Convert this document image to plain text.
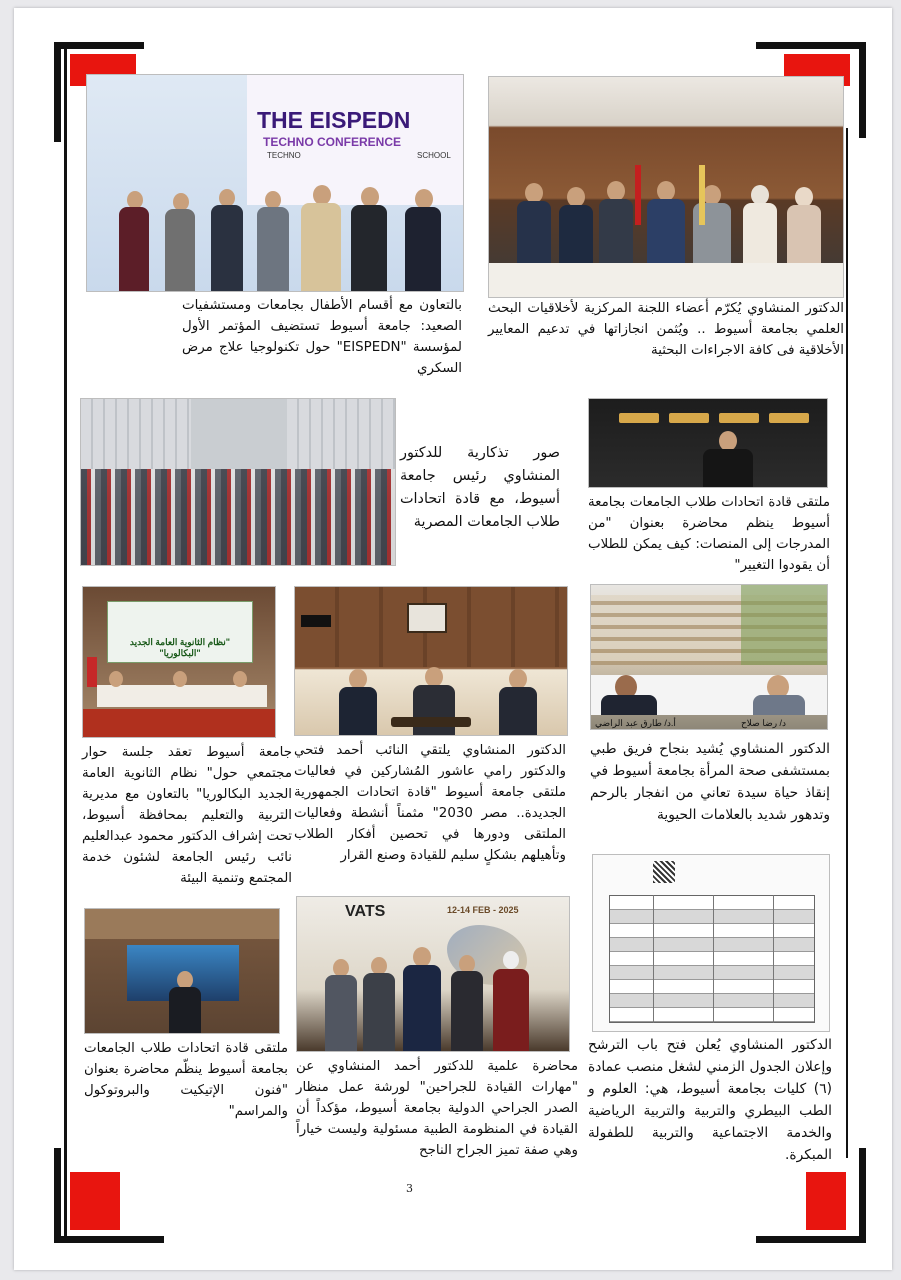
الدكتور المنشاوي يُكرّم أعضاء اللجنة المركزية لأخلاقيات البحث العلمي بجامعة أسيوط .. ويُثمن انجازاتها في تدعيم المعايير الأخلاقية فى كافة الاجراءات البحثية
THE EISPEDN
TECHNO CONFERENCE
TECHNO	SCHOOL
بالتعاون مع أقسام الأطفال بجامعات ومستشفيات الصعيد: جامعة أسيوط تستضيف المؤتمر الأول لمؤسسة "EISPEDN" حول تكنولوجيا علاج مرض السكري
ملتقى قادة اتحادات طلاب الجامعات بجامعة أسيوط ينظم محاضرة بعنوان "من المدرجات إلى المنصات: كيف يمكن للطلاب أن يقودوا التغيير"
صور تذكارية للدكتور المنشاوي رئيس جامعة أسيوط، مع قادة اتحادات طلاب الجامعات المصرية
د/ رضا صلاح
أ.د/ طارق عبد الراضي
الدكتور المنشاوي يُشيد بنجاح فريق طبي بمستشفى صحة المرأة بجامعة أسيوط في إنقاذ حياة سيدة تعاني من انفجار بالرحم وتدهور شديد بالعلامات الحيوية
الدكتور المنشاوي يلتقي النائب أحمد فتحي والدكتور رامي عاشور المُشاركين في فعاليات ملتقى جامعة أسيوط "قادة اتحادات الجمهورية الجديدة.. مصر 2030" مثمناً أنشطة وفعاليات الملتقى ودورها في تحصين أفكار الطلاب وتأهيلهم بشكلٍ سليم للقيادة وصنع القرار
"نظام الثانوية العامة الجديد "البكالوريا"
جامعة أسيوط تعقد جلسة حوار مجتمعي حول" نظام الثانوية العامة الجديد البكالوريا" بالتعاون مع مديرية التربية والتعليم بمحافظة أسيوط، تحت إشراف الدكتور محمود عبدالعليم نائب رئيس الجامعة لشئون خدمة المجتمع وتنمية البيئة
الدكتور المنشاوي يُعلن فتح باب الترشح وإعلان الجدول الزمني لشغل منصب عمادة (٦) كليات بجامعة أسيوط، هي: العلوم و الطب البيطري والتربية والتربية الرياضية والخدمة الاجتماعية والتربية للطفولة المبكرة.
VATS	12-14 FEB - 2025
محاضرة علمية للدكتور أحمد المنشاوي عن "مهارات القيادة للجراحين" لورشة عمل منظار الصدر الجراحي الدولية بجامعة أسيوط، مؤكداً أن القيادة في المنظومة الطبية مسئولية وليست خياراً وهي صفة تميز الجراح الناجح
ملتقى قادة اتحادات طلاب الجامعات بجامعة أسيوط ينظّم محاضرة بعنوان "فنون الإتيكيت والبروتوكول والمراسم"
3
